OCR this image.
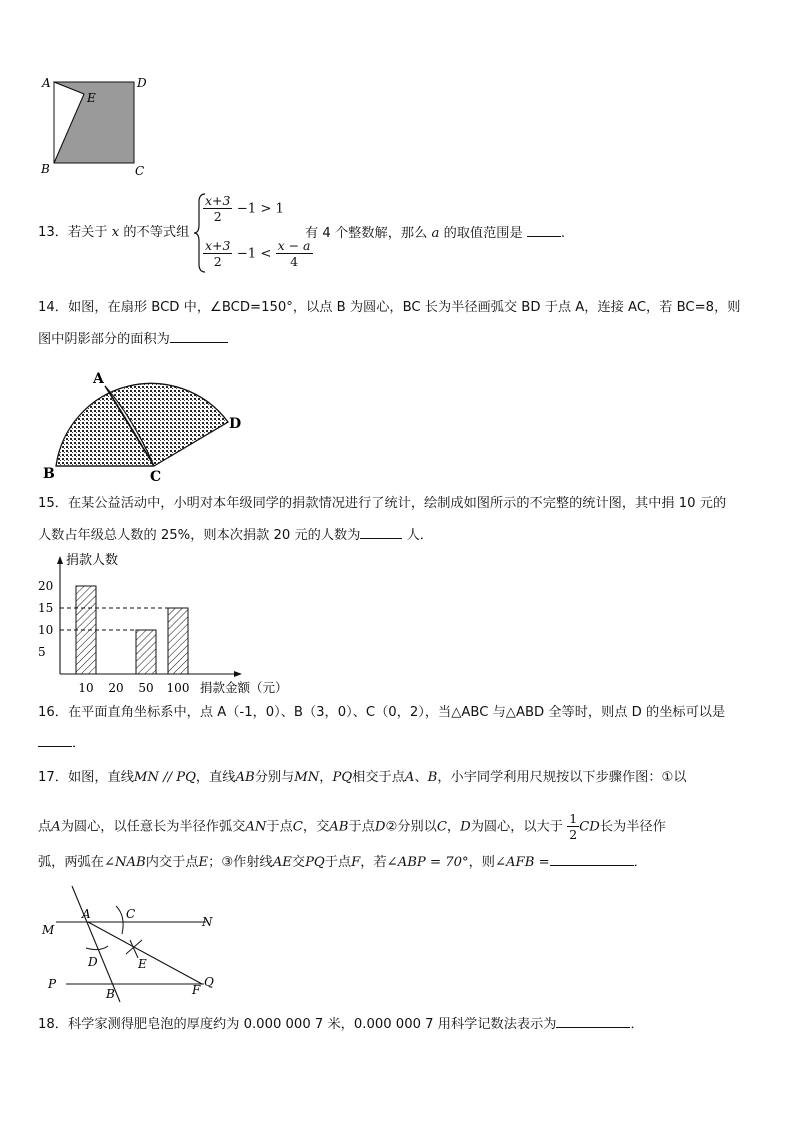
A	D
E
B	C
13．若关于 x 的不等式组
$\frac{x+3}{2} -1 > 1$
$\frac{x+3}{2} -1 < \frac{x - a}{4}$
有 4 个整数解，那么 a 的取值范围是	.
14．如图，在扇形 BCD 中，∠BCD=150°，以点 B 为圆心，BC 长为半径画弧交 BD 于点 A，连接 AC，若 BC=8，则
图中阴影部分的面积为
A
B	C
D
15．在某公益活动中，小明对本年级同学的捐款情况进行了统计，绘制成如图所示的不完整的统计图，其中捐 10 元的
人数占年级总人数的 25%，则本次捐款 20 元的人数为	人．
捐款人数
5
10
15
20
10 20 50 100 捐款金额（元）
16．在平面直角坐标系中，点 A（-1，0）、B（3，0）、C（0，2），当△ABC 与△ABD 全等时，则点 D 的坐标可以是
．
17．如图，直线MN // PQ，直线AB分别与MN，PQ相交于点A、B，小宇同学利用尺规按以下步骤作图：①以
点A为圆心，以任意长为半径作弧交AN于点C，交AB于点D②分别以C，D为圆心，以大于 $\frac{1}{2}$ CD长为半径作
弧，两弧在∠NAB内交于点E；③作射线AE交PQ于点F，若∠ABP = 70°，则∠AFB =	．
M
A	C
N
D	E
P
B	F
Q
18．科学家测得肥皂泡的厚度约为 0.000 000 7 米，0.000 000 7 用科学记数法表示为	．
